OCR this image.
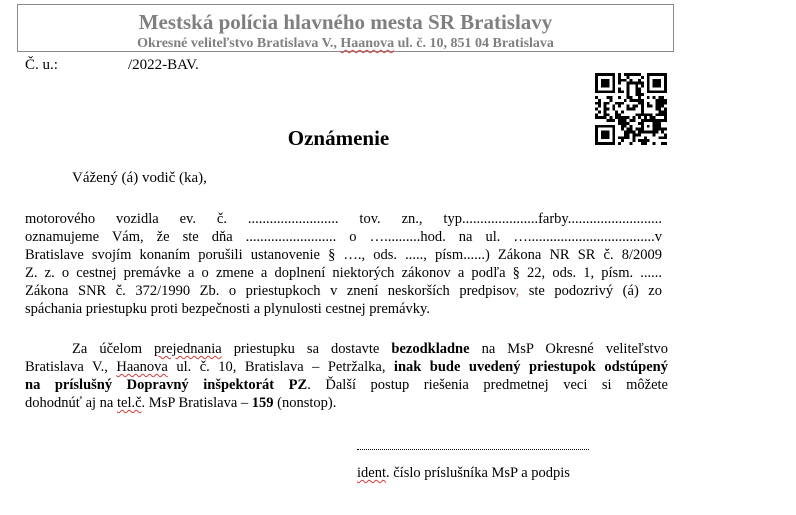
Mestská polícia hlavného mesta SR Bratislavy
Okresné veliteľstvo Bratislava V., Haanova ul. č. 10, 851 04 Bratislava
Č. u.:	/2022-BAV.
Oznámenie
Vážený (á) vodič (ka),
motorového vozidla ev. č. ......................... tov. zn., typ.....................farby..........................
oznamujeme Vám, že ste dňa ......................... o …..........hod. na ul. …...................................v
Bratislave svojím konaním porušili ustanovenie § …., ods. ....., písm......) Zákona NR SR č. 8/2009
Z. z. o cestnej premávke a o zmene a doplnení niektorých zákonov a podľa § 22, ods. 1, písm. ......
Zákona SNR č. 372/1990 Zb. o priestupkoch v znení neskorších predpisov, ste podozrivý (á) zo
spáchania priestupku proti bezpečnosti a plynulosti cestnej premávky.
Za účelom prejednania priestupku sa dostavte bezodkladne na MsP Okresné veliteľstvo
Bratislava V., Haanova ul. č. 10, Bratislava – Petržalka, inak bude uvedený priestupok odstúpený
na príslušný Dopravný inšpektorát PZ. Ďalší postup riešenia predmetnej veci si môžete
dohodnúť aj na tel.č. MsP Bratislava – 159 (nonstop).
ident. číslo príslušníka MsP a podpis
